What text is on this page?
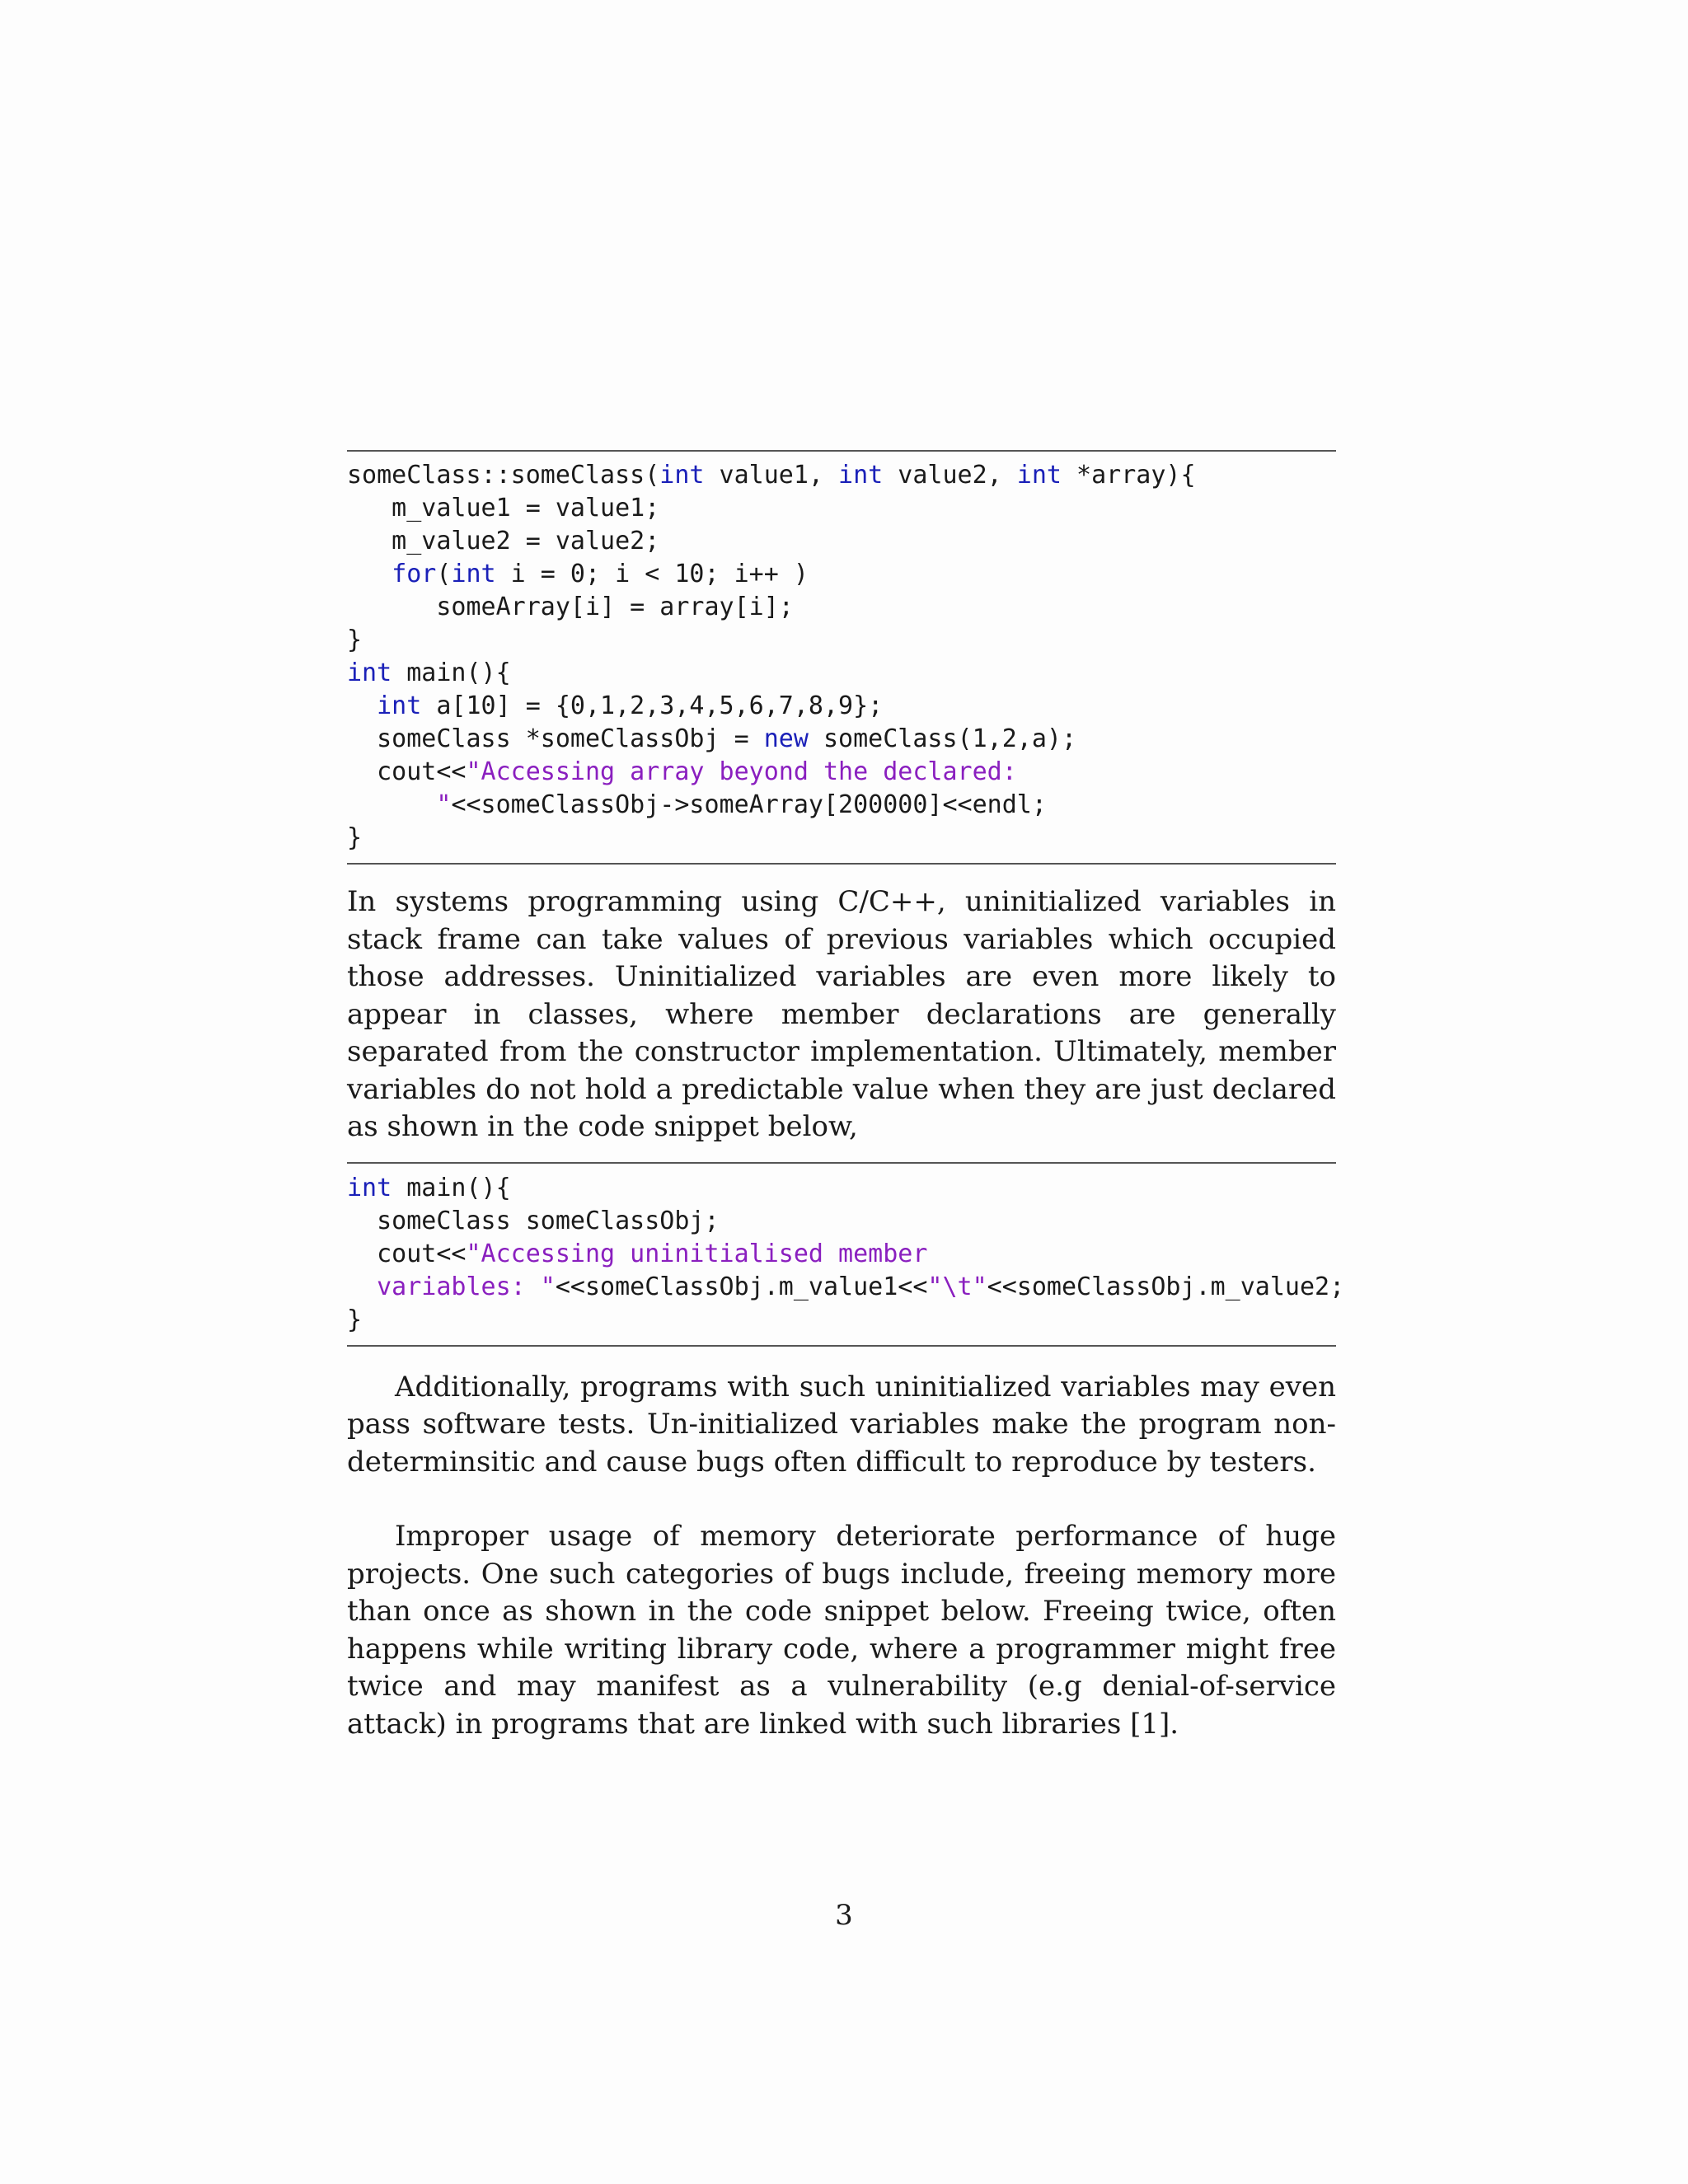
someClass::someClass(int value1, int value2, int *array){
m_value1 = value1;
m_value2 = value2;
for(int i = 0; i < 10; i++ )
someArray[i] = array[i];
}
int main(){
int a[10] = {0,1,2,3,4,5,6,7,8,9};
someClass *someClassObj = new someClass(1,2,a);
cout<<"Accessing array beyond the declared:
"<<someClassObj->someArray[200000]<<endl;
}

In systems programming using C/C++, uninitialized variables in stack frame can take values of previous variables which occupied those addresses. Uninitialized variables are even more likely to appear in classes, where member declarations are generally separated from the constructor implementation. Ultimately, member variables do not hold a predictable value when they are just declared as shown in the code snippet below,

int main(){
someClass someClassObj;
cout<<"Accessing uninitialised member
variables: "<<someClassObj.m_value1<<"\t"<<someClassObj.m_value2;
}

Additionally, programs with such uninitialized variables may even pass software tests. Un-initialized variables make the program non-determinsitic and cause bugs often difficult to reproduce by testers.

Improper usage of memory deteriorate performance of huge projects. One such categories of bugs include, freeing memory more than once as shown in the code snippet below. Freeing twice, often happens while writing library code, where a programmer might free twice and may manifest as a vulnerability (e.g denial-of-service attack) in programs that are linked with such libraries [1].

3
